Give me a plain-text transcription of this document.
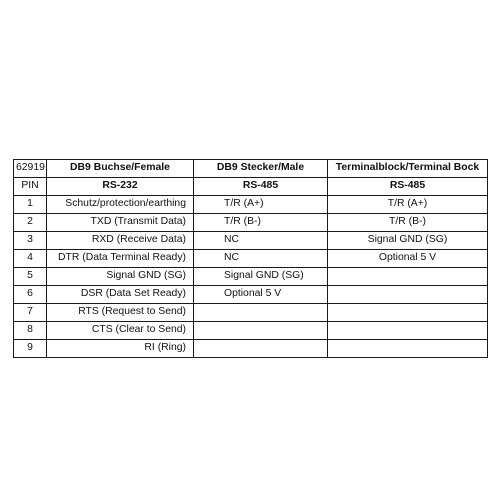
62919	DB9 Buchse/Female	DB9 Stecker/Male	Terminalblock/Terminal Bock
PIN	RS-232	RS-485	RS-485
1	Schutz/protection/earthing	T/R (A+)	T/R (A+)
2	TXD (Transmit Data)	T/R (B-)	T/R (B-)
3	RXD (Receive Data)	NC	Signal GND (SG)
4	DTR (Data Terminal Ready)	NC	Optional 5 V
5	Signal GND (SG)	Signal GND (SG)	
6	DSR (Data Set Ready)	Optional 5 V	
7	RTS (Request to Send)		
8	CTS (Clear to Send)		
9	RI (Ring)		
